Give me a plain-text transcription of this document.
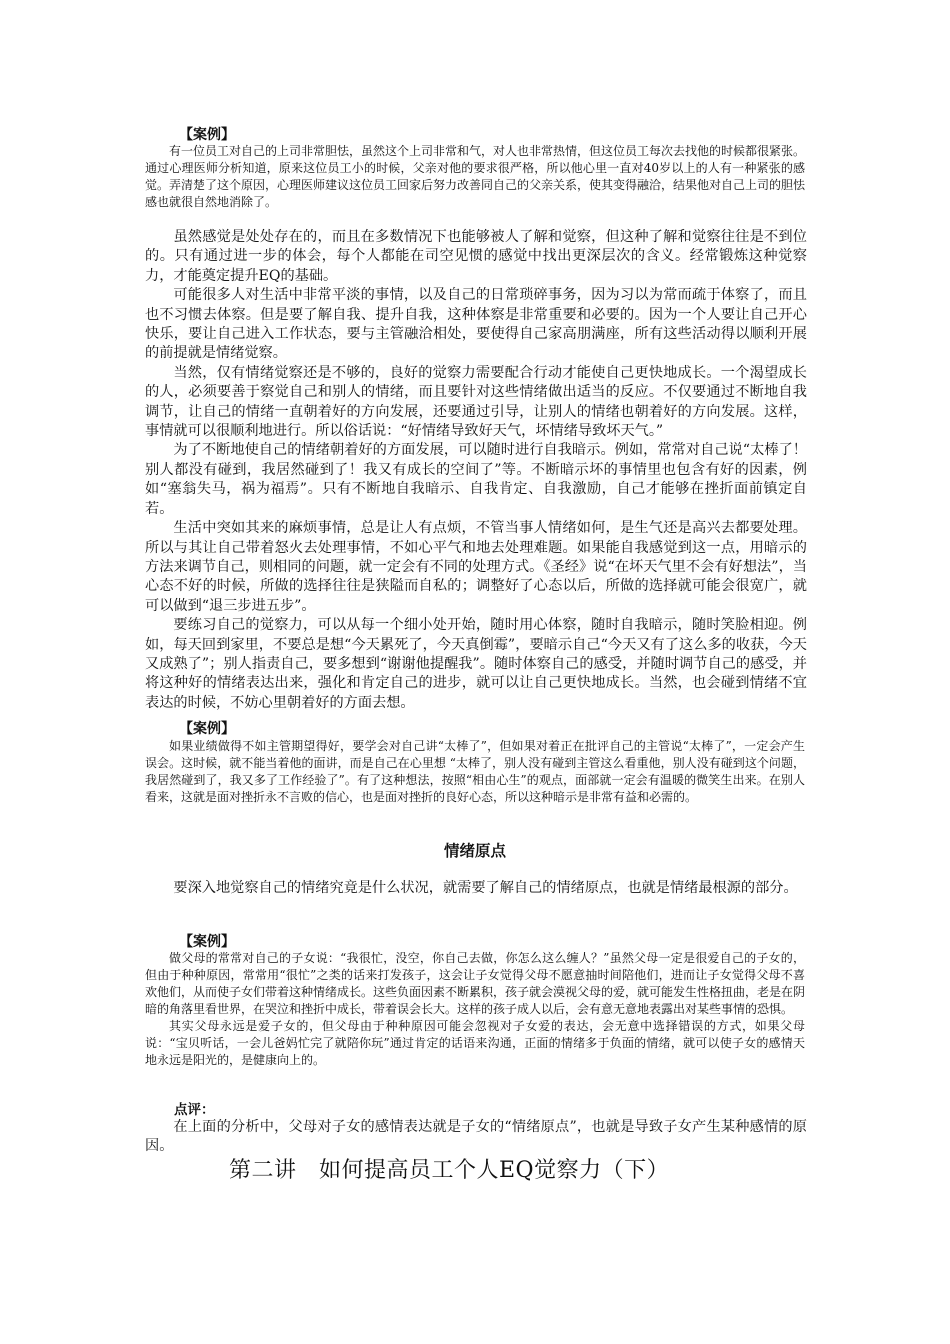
【案例】

有一位员工对自己的上司非常胆怯，虽然这个上司非常和气，对人也非常热情，但这位员工每次去找他的时候都很紧张。通过心理医师分析知道，原来这位员工小的时候，父亲对他的要求很严格，所以他心里一直对40岁以上的人有一种紧张的感觉。弄清楚了这个原因，心理医师建议这位员工回家后努力改善同自己的父亲关系，使其变得融洽，结果他对自己上司的胆怯感也就很自然地消除了。

虽然感觉是处处存在的，而且在多数情况下也能够被人了解和觉察，但这种了解和觉察往往是不到位的。只有通过进一步的体会，每个人都能在司空见惯的感觉中找出更深层次的含义。经常锻炼这种觉察力，才能奠定提升EQ的基础。

可能很多人对生活中非常平淡的事情，以及自己的日常琐碎事务，因为习以为常而疏于体察了，而且也不习惯去体察。但是要了解自我、提升自我，这种体察是非常重要和必要的。因为一个人要让自己开心快乐，要让自己进入工作状态，要与主管融洽相处，要使得自己家高朋满座，所有这些活动得以顺利开展的前提就是情绪觉察。

当然，仅有情绪觉察还是不够的，良好的觉察力需要配合行动才能使自己更快地成长。一个渴望成长的人，必须要善于察觉自己和别人的情绪，而且要针对这些情绪做出适当的反应。不仅要通过不断地自我调节，让自己的情绪一直朝着好的方向发展，还要通过引导，让别人的情绪也朝着好的方向发展。这样，事情就可以很顺利地进行。所以俗话说：“好情绪导致好天气，坏情绪导致坏天气。”

为了不断地使自己的情绪朝着好的方面发展，可以随时进行自我暗示。例如，常常对自己说“太棒了！别人都没有碰到，我居然碰到了！我又有成长的空间了”等。不断暗示坏的事情里也包含有好的因素，例如“塞翁失马，祸为福焉”。只有不断地自我暗示、自我肯定、自我激励，自己才能够在挫折面前镇定自若。

生活中突如其来的麻烦事情，总是让人有点烦，不管当事人情绪如何，是生气还是高兴去都要处理。所以与其让自己带着怒火去处理事情，不如心平气和地去处理难题。如果能自我感觉到这一点，用暗示的方法来调节自己，则相同的问题，就一定会有不同的处理方式。《圣经》说“在坏天气里不会有好想法”，当心态不好的时候，所做的选择往往是狭隘而自私的；调整好了心态以后，所做的选择就可能会很宽广，就可以做到“退三步进五步”。

要练习自己的觉察力，可以从每一个细小处开始，随时用心体察，随时自我暗示，随时笑脸相迎。例如，每天回到家里，不要总是想“今天累死了，今天真倒霉”，要暗示自己“今天又有了这么多的收获，今天又成熟了”；别人指责自己，要多想到“谢谢他提醒我”。随时体察自己的感受，并随时调节自己的感受，并将这种好的情绪表达出来，强化和肯定自己的进步，就可以让自己更快地成长。当然，也会碰到情绪不宜表达的时候，不妨心里朝着好的方面去想。

【案例】

如果业绩做得不如主管期望得好，要学会对自己讲“太棒了”，但如果对着正在批评自己的主管说“太棒了”，一定会产生误会。这时候，就不能当着他的面讲，而是自己在心里想 “太棒了，别人没有碰到主管这么看重他，别人没有碰到这个问题，我居然碰到了，我又多了工作经验了”。有了这种想法，按照“相由心生”的观点，面部就一定会有温暖的微笑生出来。在别人看来，这就是面对挫折永不言败的信心，也是面对挫折的良好心态，所以这种暗示是非常有益和必需的。

情绪原点

要深入地觉察自己的情绪究竟是什么状况，就需要了解自己的情绪原点，也就是情绪最根源的部分。

【案例】

做父母的常常对自己的子女说：“我很忙，没空，你自己去做，你怎么这么缠人？”虽然父母一定是很爱自己的子女的，但由于种种原因，常常用“很忙”之类的话来打发孩子，这会让子女觉得父母不愿意抽时间陪他们，进而让子女觉得父母不喜欢他们，从而使子女们带着这种情绪成长。这些负面因素不断累积，孩子就会漠视父母的爱，就可能发生性格扭曲，老是在阴暗的角落里看世界，在哭泣和挫折中成长，带着误会长大。这样的孩子成人以后，会有意无意地表露出对某些事情的恐惧。

其实父母永远是爱子女的，但父母由于种种原因可能会忽视对子女爱的表达，会无意中选择错误的方式，如果父母说：“宝贝听话，一会儿爸妈忙完了就陪你玩”通过肯定的话语来沟通，正面的情绪多于负面的情绪，就可以使子女的感情天地永远是阳光的，是健康向上的。

点评：

在上面的分析中，父母对子女的感情表达就是子女的“情绪原点”，也就是导致子女产生某种感情的原因。

第二讲　如何提高员工个人EQ觉察力（下）
